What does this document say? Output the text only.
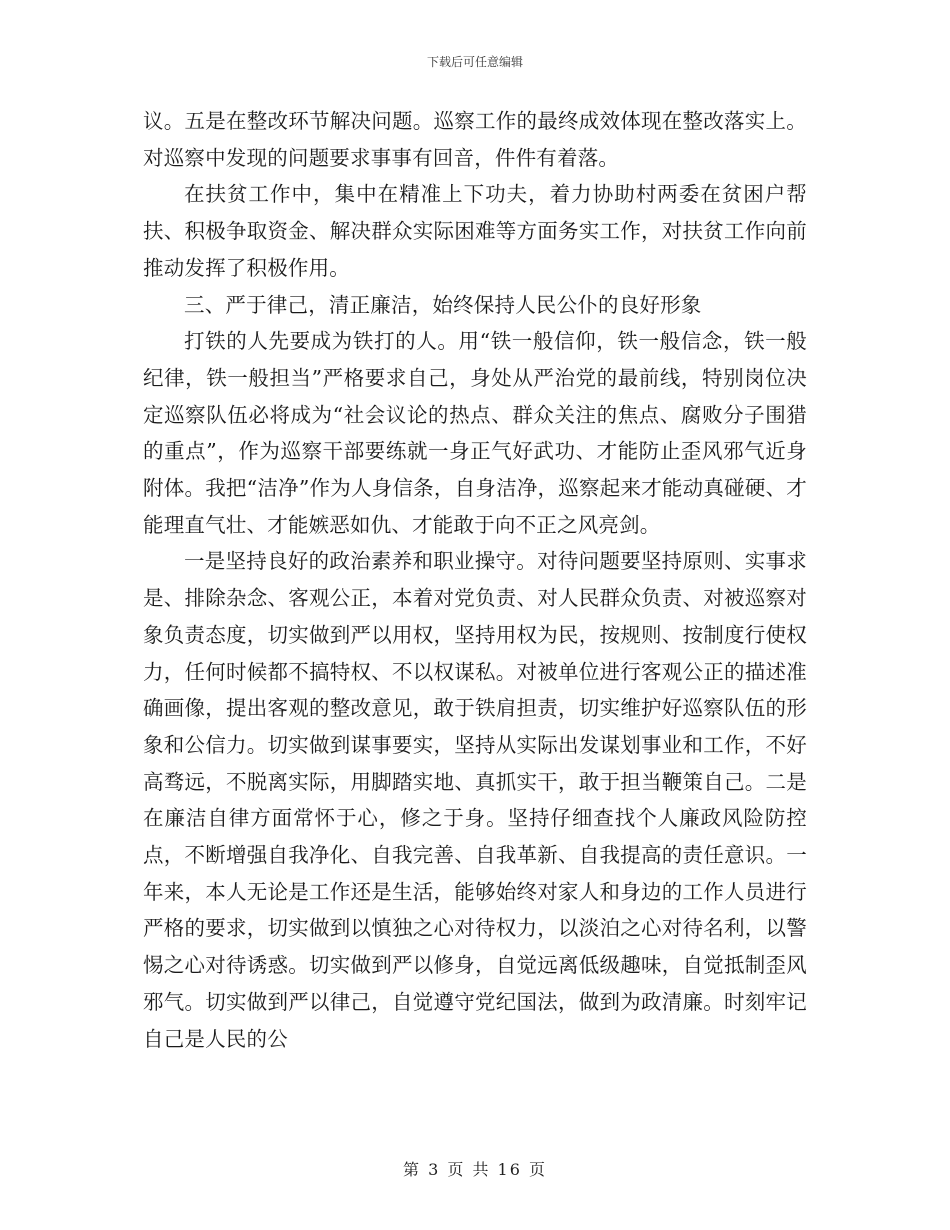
下载后可任意编辑

议。五是在整改环节解决问题。巡察工作的最终成效体现在整改落实上。对巡察中发现的问题要求事事有回音，件件有着落。

在扶贫工作中，集中在精准上下功夫，着力协助村两委在贫困户帮扶、积极争取资金、解决群众实际困难等方面务实工作，对扶贫工作向前推动发挥了积极作用。

三、严于律己，清正廉洁，始终保持人民公仆的良好形象

打铁的人先要成为铁打的人。用“铁一般信仰，铁一般信念，铁一般纪律，铁一般担当”严格要求自己，身处从严治党的最前线，特别岗位决定巡察队伍必将成为“社会议论的热点、群众关注的焦点、腐败分子围猎的重点”，作为巡察干部要练就一身正气好武功、才能防止歪风邪气近身附体。我把“洁净”作为人身信条，自身洁净，巡察起来才能动真碰硬、才能理直气壮、才能嫉恶如仇、才能敢于向不正之风亮剑。

一是坚持良好的政治素养和职业操守。对待问题要坚持原则、实事求是、排除杂念、客观公正，本着对党负责、对人民群众负责、对被巡察对象负责态度，切实做到严以用权，坚持用权为民，按规则、按制度行使权力，任何时候都不搞特权、不以权谋私。对被单位进行客观公正的描述准确画像，提出客观的整改意见，敢于铁肩担责，切实维护好巡察队伍的形象和公信力。切实做到谋事要实，坚持从实际出发谋划事业和工作，不好高骛远，不脱离实际，用脚踏实地、真抓实干，敢于担当鞭策自己。二是在廉洁自律方面常怀于心，修之于身。坚持仔细查找个人廉政风险防控点，不断增强自我净化、自我完善、自我革新、自我提高的责任意识。一年来，本人无论是工作还是生活，能够始终对家人和身边的工作人员进行严格的要求，切实做到以慎独之心对待权力，以淡泊之心对待名利，以警惕之心对待诱惑。切实做到严以修身，自觉远离低级趣味，自觉抵制歪风邪气。切实做到严以律己，自觉遵守党纪国法，做到为政清廉。时刻牢记自己是人民的公

第 3 页 共 16 页
